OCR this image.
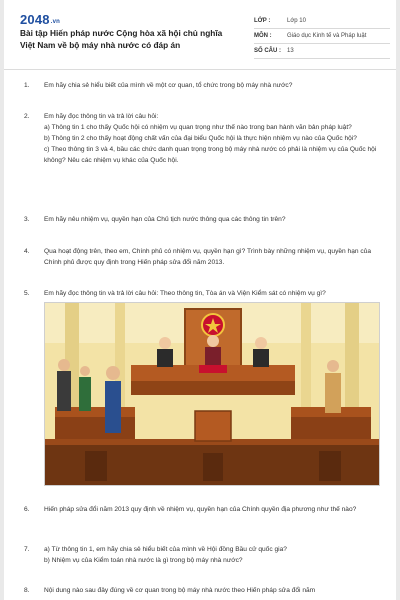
2048.vn
Bài tập Hiến pháp nước Cộng hòa xã hội chủ nghĩa Việt Nam về bộ máy nhà nước có đáp án
LỚP :	Lớp 10
MÔN :	Giáo dục Kinh tế và Pháp luật
SỐ CÂU :	13
1.	Em hãy chia sẻ hiểu biết của mình về một cơ quan, tổ chức trong bộ máy nhà nước?

2.	Em hãy đọc thông tin và trả lời câu hỏi:

a) Thông tin 1 cho thấy Quốc hội có nhiệm vụ quan trọng như thế nào trong ban hành văn bản pháp luật?

b) Thông tin 2 cho thấy hoạt động chất vấn của đại biểu Quốc hội là thực hiện nhiệm vụ nào của Quốc hội?

c) Theo thông tin 3 và 4, bầu các chức danh quan trọng trong bộ máy nhà nước có phải là nhiệm vụ của Quốc hội không? Nêu các nhiệm vụ khác của Quốc hội.

3.	Em hãy nêu nhiệm vụ, quyền hạn của Chủ tịch nước thông qua các thông tin trên?

4.	Qua hoạt động trên, theo em, Chính phủ có nhiệm vụ, quyền hạn gì? Trình bày những nhiệm vụ, quyền hạn của Chính phủ được quy định trong Hiến pháp sửa đổi năm 2013.

5.	Em hãy đọc thông tin và trả lời câu hỏi: Theo thông tin, Tòa án và Viện Kiểm sát có nhiệm vụ gì?

6.	Hiến pháp sửa đổi năm 2013 quy định về nhiệm vụ, quyền hạn của Chính quyền địa phương như thế nào?

7.	a) Từ thông tin 1, em hãy chia sẻ hiểu biết của mình về Hội đồng Bầu cử quốc gia?

b) Nhiệm vụ của Kiểm toán nhà nước là gì trong bộ máy nhà nước?

8.	Nội dung nào sau đây đúng về cơ quan trong bộ máy nhà nước theo Hiến pháp sửa đổi năm
